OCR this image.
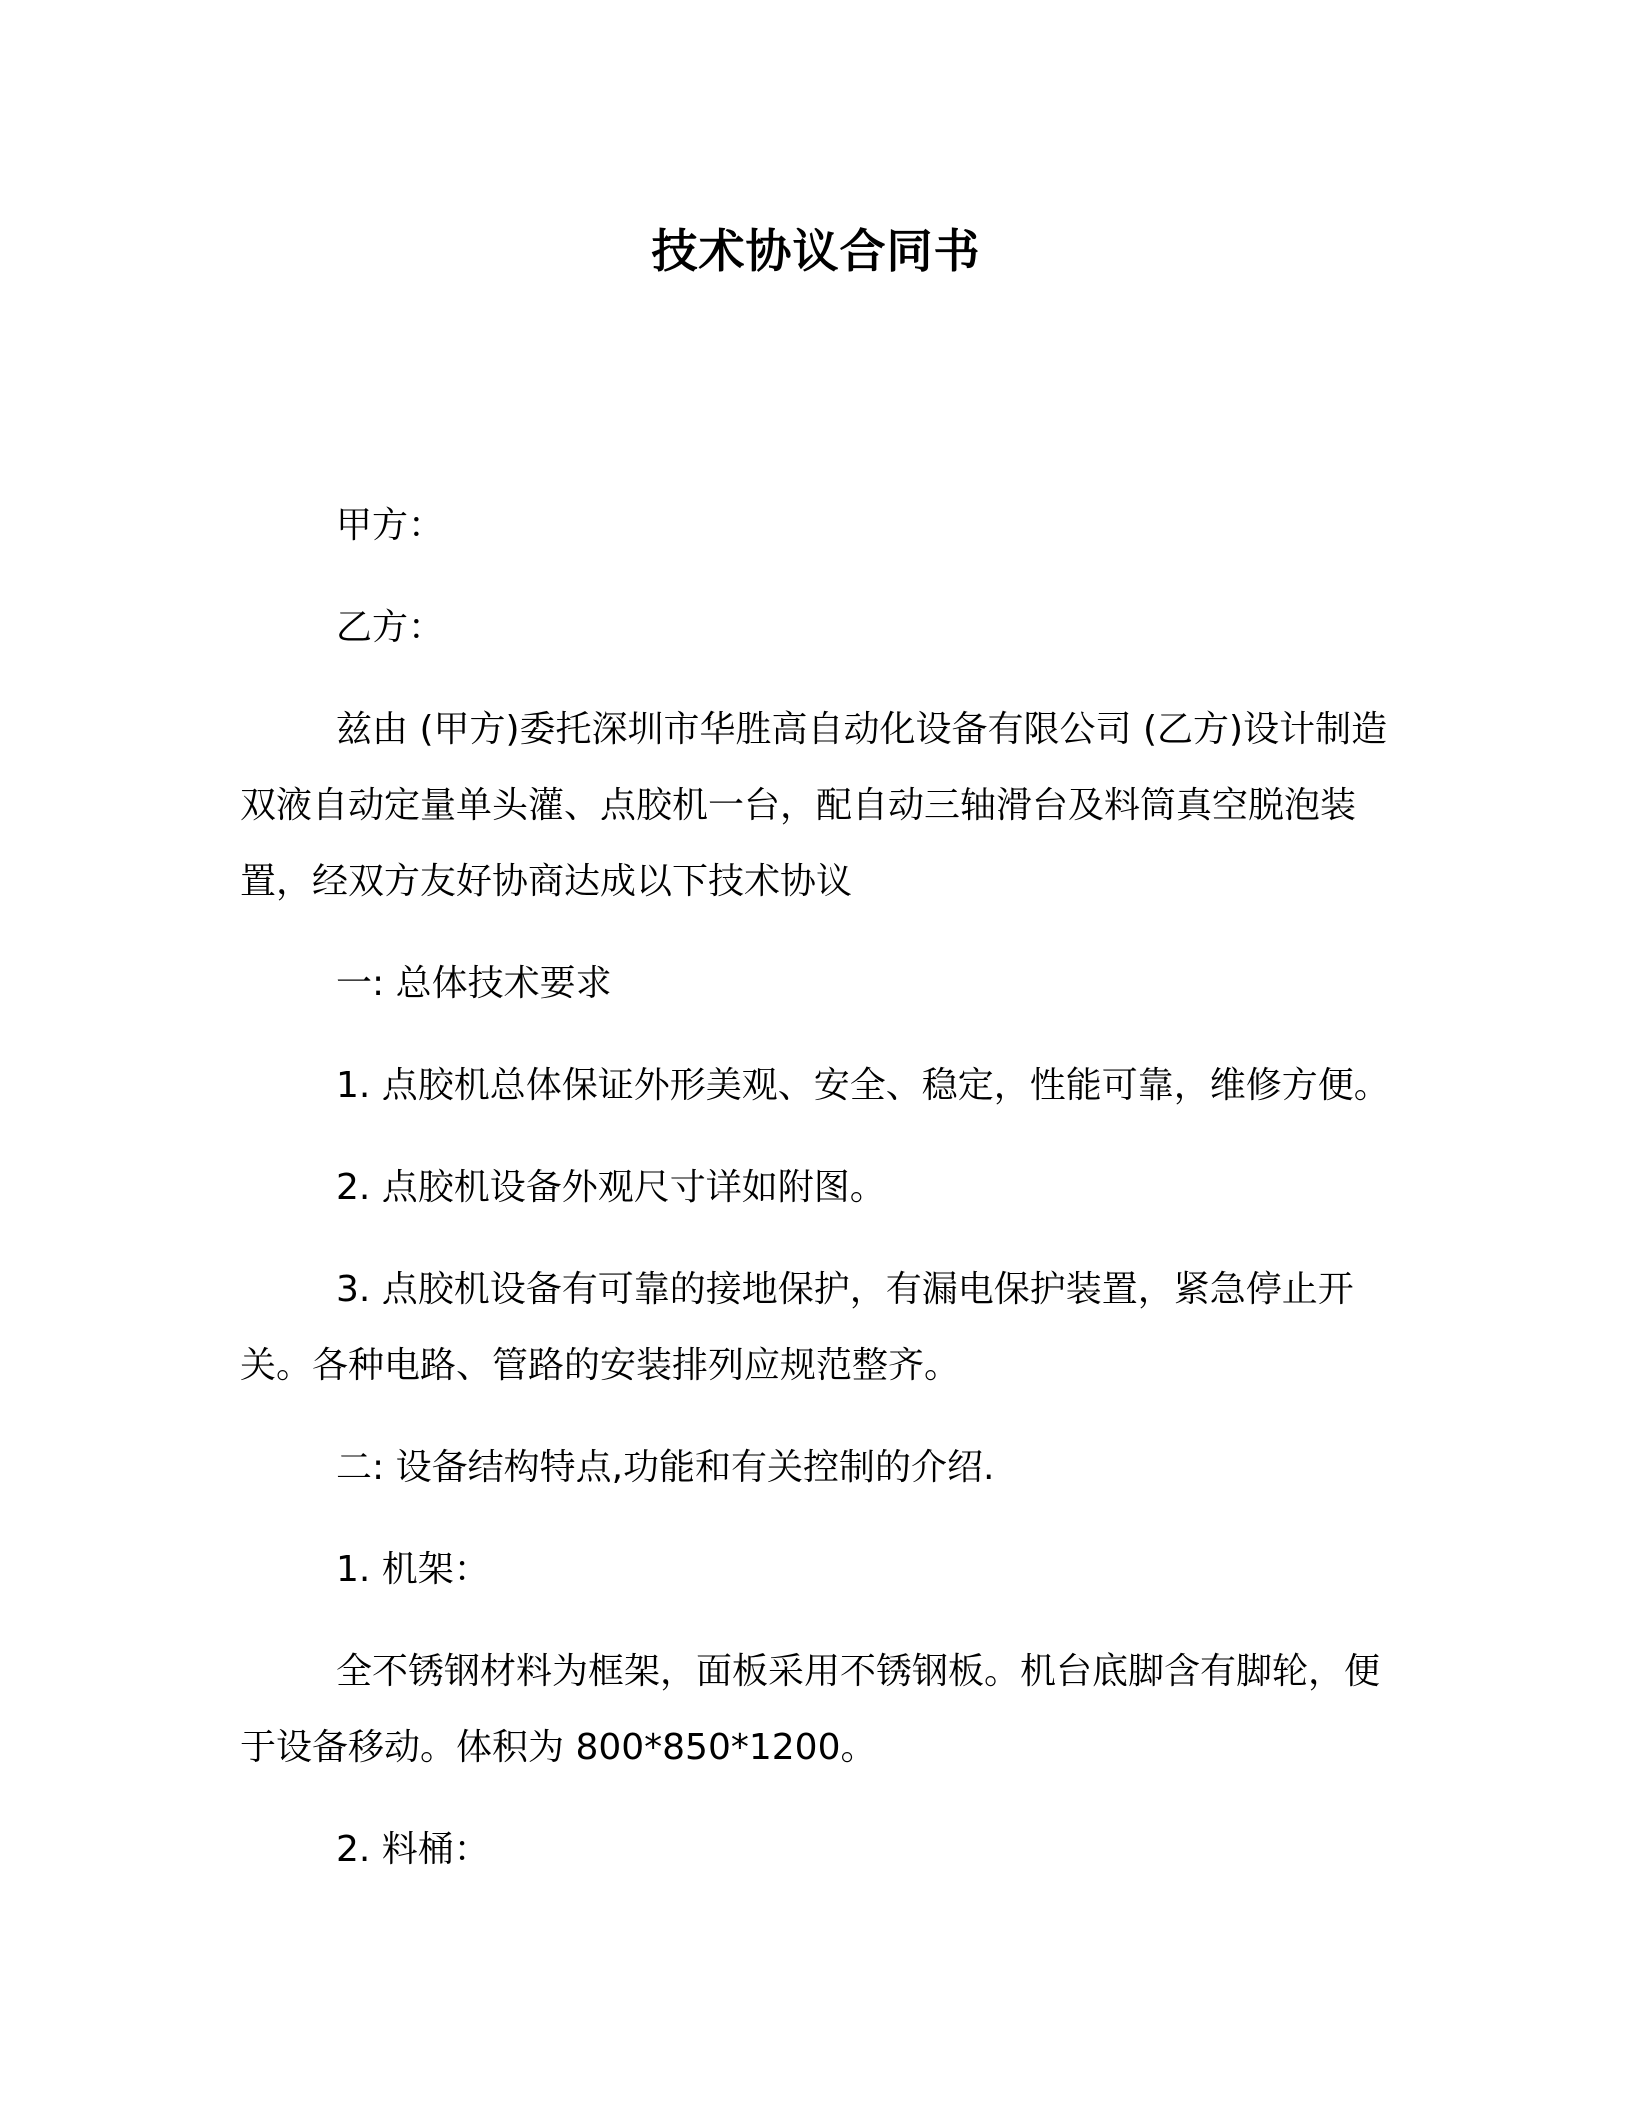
技术协议合同书

甲方：

乙方：

兹由 (甲方)委托深圳市华胜高自动化设备有限公司 (乙方)设计制造双液自动定量单头灌、点胶机一台，配自动三轴滑台及料筒真空脱泡装置，经双方友好协商达成以下技术协议

一: 总体技术要求

1. 点胶机总体保证外形美观、安全、稳定，性能可靠，维修方便。

2. 点胶机设备外观尺寸详如附图。

3. 点胶机设备有可靠的接地保护，有漏电保护装置，紧急停止开关。各种电路、管路的安装排列应规范整齐。

二: 设备结构特点,功能和有关控制的介绍.

1. 机架：

全不锈钢材料为框架，面板采用不锈钢板。机台底脚含有脚轮，便于设备移动。体积为 800*850*1200。

2. 料桶：
